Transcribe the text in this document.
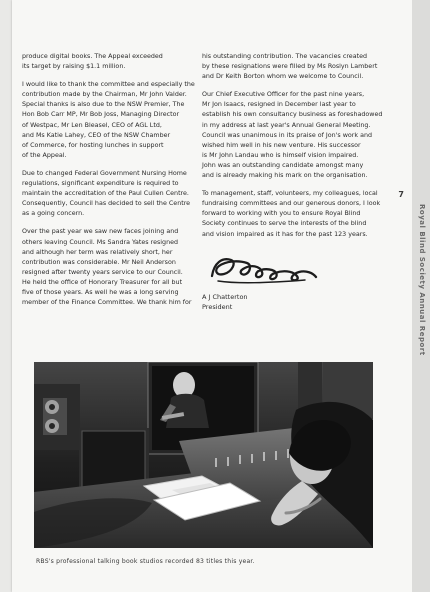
produce digital books. The Appeal exceeded
its target by raising $1.1 million.

I would like to thank the committee and especially the
contribution made by the Chairman, Mr John Valder.
Special thanks is also due to the NSW Premier, The
Hon Bob Carr MP, Mr Bob Joss, Managing Director
of Westpac, Mr Len Bleasel, CEO of AGL Ltd,
and Ms Katie Lahey, CEO of the NSW Chamber
of Commerce, for hosting lunches in support
of the Appeal.

Due to changed Federal Government Nursing Home
regulations, significant expenditure is required to
maintain the accreditation of the Paul Cullen Centre.
Consequently, Council has decided to sell the Centre
as a going concern.

Over the past year we saw new faces joining and
others leaving Council. Ms Sandra Yates resigned
and although her term was relatively short, her
contribution was considerable. Mr Neil Anderson
resigned after twenty years service to our Council.
He held the office of Honorary Treasurer for all but
five of those years. As well he was a long serving
member of the Finance Committee. We thank him for

his outstanding contribution. The vacancies created
by these resignations were filled by Ms Roslyn Lambert
and Dr Keith Borton whom we welcome to Council.

Our Chief Executive Officer for the past nine years,
Mr Jon Isaacs, resigned in December last year to
establish his own consultancy business as foreshadowed
in my address at last year's Annual General Meeting.
Council was unanimous in its praise of Jon's work and
wished him well in his new venture. His successor
is Mr John Landau who is himself vision impaired.
John was an outstanding candidate amongst many
and is already making his mark on the organisation.

To management, staff, volunteers, my colleagues, local
fundraising committees and our generous donors, I look
forward to working with you to ensure Royal Blind
Society continues to serve the interests of the blind
and vision impaired as it has for the past 123 years.

A J Chatterton

President

7
Royal Blind Society Annual Report
RBS's professional talking book studios recorded 83 titles this year.
